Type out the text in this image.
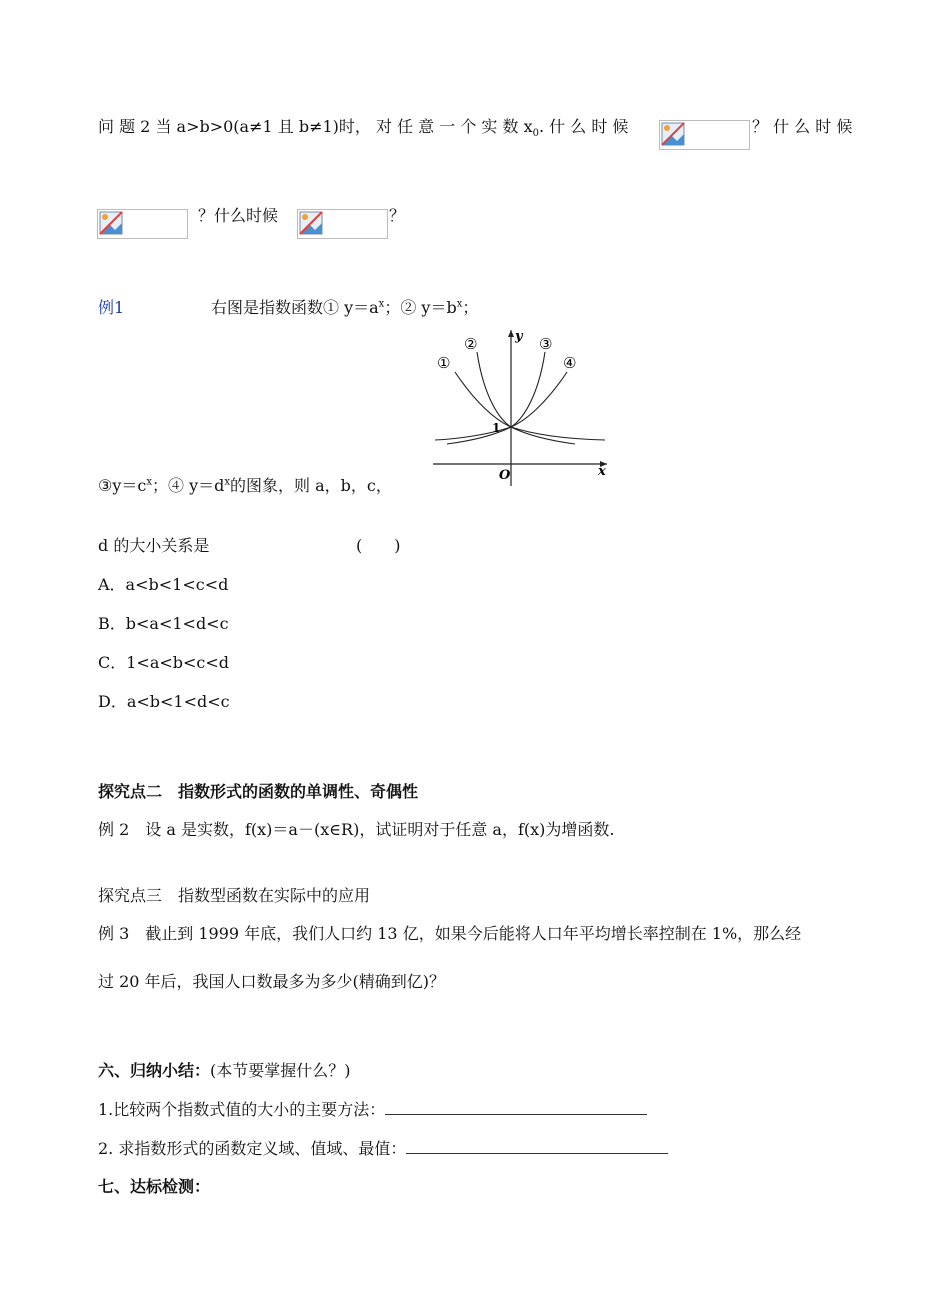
问 题 2 当 a>b>0(a≠1 且 b≠1)时， 对 任 意 一 个 实 数 $x_0$. 什 么 时 候	？ 什 么 时 候
？什么时候	？
例1	右图是指数函数① $y=a^x$；② $y=b^x$；
①
②	③
④
y
x
O
1
$③y=c^x$；④ $y=d^x$的图象，则 a，b，c，
d 的大小关系是	(　　)
A．a<b<1<c<d
B．b<a<1<d<c
C．1<a<b<c<d
D．a<b<1<d<c
探究点二　指数形式的函数的单调性、奇偶性
例 2　设 a 是实数，f(x)＝a－(x∈R)，试证明对于任意 a，f(x)为增函数.
探究点三　指数型函数在实际中的应用
例 3　截止到 1999 年底，我们人口约 13 亿，如果今后能将人口年平均增长率控制在 1%，那么经
过 20 年后，我国人口数最多为多少(精确到亿)？
六、归纳小结：(本节要掌握什么？)
1.比较两个指数式值的大小的主要方法：
2. 求指数形式的函数定义域、值域、最值：
七、达标检测：
